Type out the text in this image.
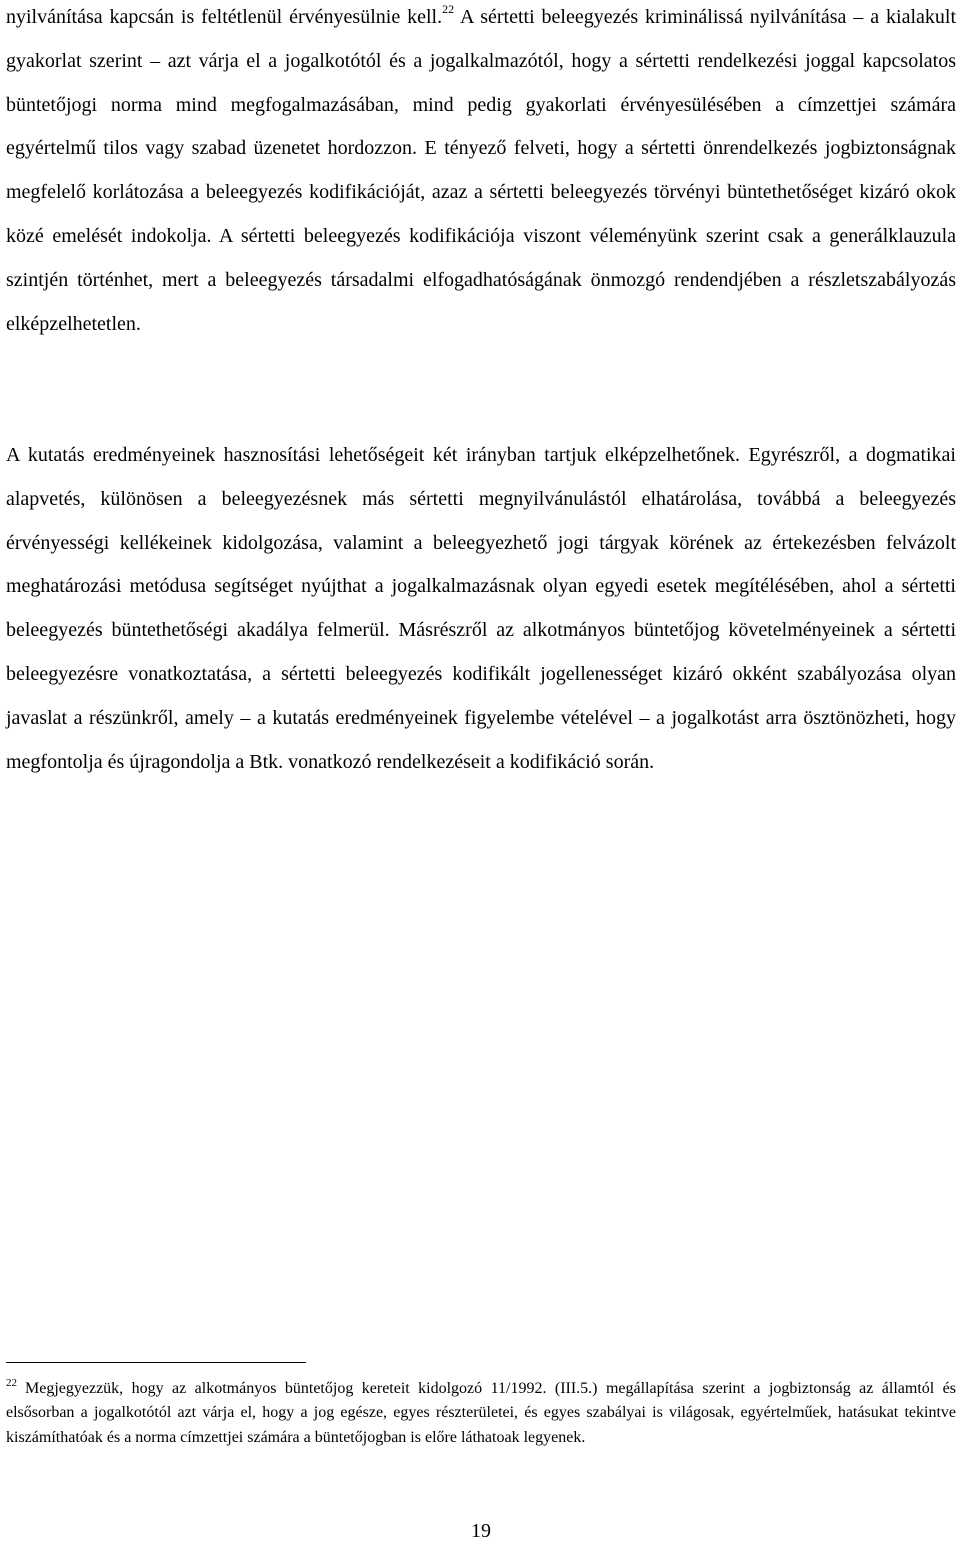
nyilvánítása kapcsán is feltétlenül érvényesülnie kell.$^{22}$ A sértetti beleegyezés kriminálissá nyilvánítása – a kialakult gyakorlat szerint – azt várja el a jogalkotótól és a jogalkalmazótól, hogy a sértetti rendelkezési joggal kapcsolatos büntetőjogi norma mind megfogalmazásában, mind pedig gyakorlati érvényesülésében a címzettjei számára egyértelmű tilos vagy szabad üzenetet hordozzon. E tényező felveti, hogy a sértetti önrendelkezés jogbiztonságnak megfelelő korlátozása a beleegyezés kodifikációját, azaz a sértetti beleegyezés törvényi büntethetőséget kizáró okok közé emelését indokolja. A sértetti beleegyezés kodifikációja viszont véleményünk szerint csak a generálklauzula szintjén történhet, mert a beleegyezés társadalmi elfogadhatóságának önmozgó rendendjében a részletszabályozás elképzelhetetlen.

A kutatás eredményeinek hasznosítási lehetőségeit két irányban tartjuk elképzelhetőnek. Egyrészről, a dogmatikai alapvetés, különösen a beleegyezésnek más sértetti megnyilvánulástól elhatárolása, továbbá a beleegyezés érvényességi kellékeinek kidolgozása, valamint a beleegyezhető jogi tárgyak körének az értekezésben felvázolt meghatározási metódusa segítséget nyújthat a jogalkalmazásnak olyan egyedi esetek megítélésében, ahol a sértetti beleegyezés büntethetőségi akadálya felmerül. Másrészről az alkotmányos büntetőjog követelményeinek a sértetti beleegyezésre vonatkoztatása, a sértetti beleegyezés kodifikált jogellenességet kizáró okként szabályozása olyan javaslat a részünkről, amely – a kutatás eredményeinek figyelembe vételével – a jogalkotást arra ösztönözheti, hogy megfontolja és újragondolja a Btk. vonatkozó rendelkezéseit a kodifikáció során.

$^{22}$ Megjegyezzük, hogy az alkotmányos büntetőjog kereteit kidolgozó 11/1992. (III.5.) megállapítása szerint a jogbiztonság az államtól és elsősorban a jogalkotótól azt várja el, hogy a jog egésze, egyes részterületei, és egyes szabályai is világosak, egyértelműek, hatásukat tekintve kiszámíthatóak és a norma címzettjei számára a büntetőjogban is előre láthatoak legyenek.

19
